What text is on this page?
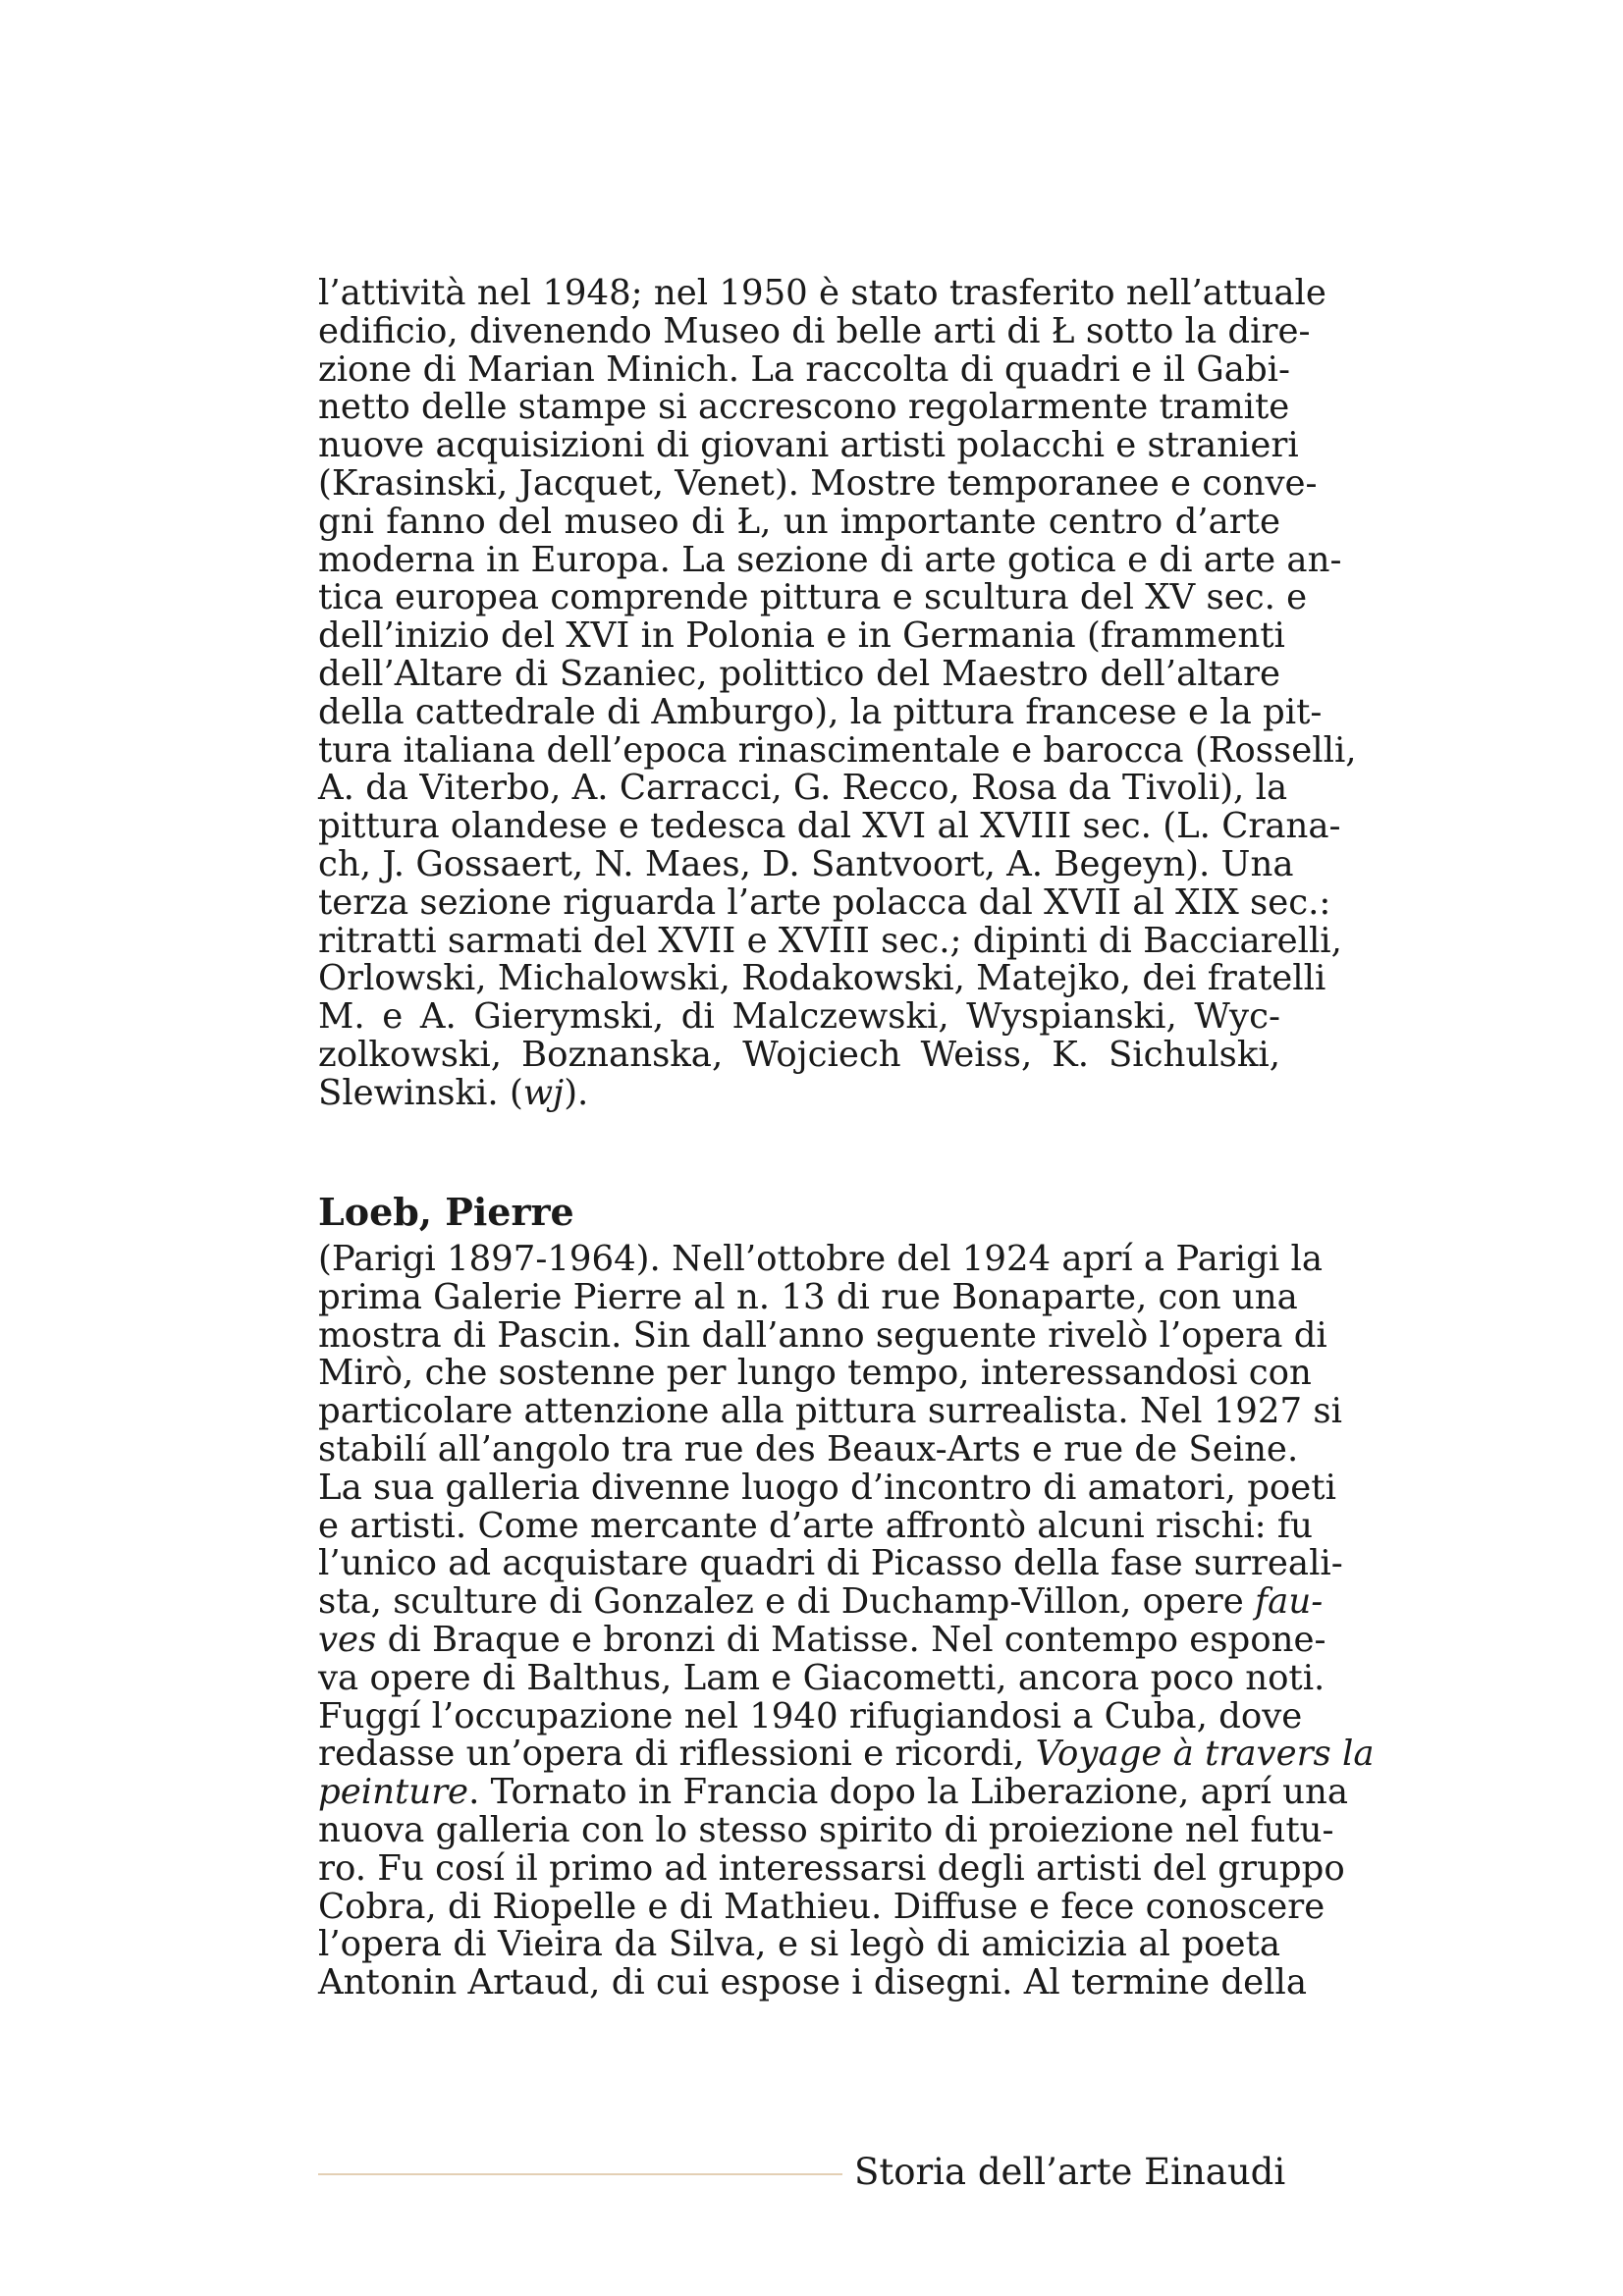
l’attività nel 1948; nel 1950 è stato trasferito nell’attuale
edificio, divenendo Museo di belle arti di Ł sotto la dire-
zione di Marian Minich. La raccolta di quadri e il Gabi-
netto delle stampe si accrescono regolarmente tramite
nuove acquisizioni di giovani artisti polacchi e stranieri
(Krasinski, Jacquet, Venet). Mostre temporanee e conve-
gni fanno del museo di Ł, un importante centro d’arte
moderna in Europa. La sezione di arte gotica e di arte an-
tica europea comprende pittura e scultura del XV sec. e
dell’inizio del XVI in Polonia e in Germania (frammenti
dell’Altare di Szaniec, polittico del Maestro dell’altare
della cattedrale di Amburgo), la pittura francese e la pit-
tura italiana dell’epoca rinascimentale e barocca (Rosselli,
A. da Viterbo, A. Carracci, G. Recco, Rosa da Tivoli), la
pittura olandese e tedesca dal XVI al XVIII sec. (L. Crana-
ch, J. Gossaert, N. Maes, D. Santvoort, A. Begeyn). Una
terza sezione riguarda l’arte polacca dal XVII al XIX sec.:
ritratti sarmati del XVII e XVIII sec.; dipinti di Bacciarelli,
Orlowski, Michalowski, Rodakowski, Matejko, dei fratelli
M. e A. Gierymski, di Malczewski, Wyspianski, Wyc-
zolkowski, Boznanska, Wojciech Weiss, K. Sichulski,
Slewinski. (wj).
Loeb, Pierre
(Parigi 1897-1964). Nell’ottobre del 1924 aprí a Parigi la
prima Galerie Pierre al n. 13 di rue Bonaparte, con una
mostra di Pascin. Sin dall’anno seguente rivelò l’opera di
Mirò, che sostenne per lungo tempo, interessandosi con
particolare attenzione alla pittura surrealista. Nel 1927 si
stabilí all’angolo tra rue des Beaux-Arts e rue de Seine.
La sua galleria divenne luogo d’incontro di amatori, poeti
e artisti. Come mercante d’arte affrontò alcuni rischi: fu
l’unico ad acquistare quadri di Picasso della fase surreali-
sta, sculture di Gonzalez e di Duchamp-Villon, opere fau-
ves di Braque e bronzi di Matisse. Nel contempo espone-
va opere di Balthus, Lam e Giacometti, ancora poco noti.
Fuggí l’occupazione nel 1940 rifugiandosi a Cuba, dove
redasse un’opera di riflessioni e ricordi, Voyage à travers la
peinture. Tornato in Francia dopo la Liberazione, aprí una
nuova galleria con lo stesso spirito di proiezione nel futu-
ro. Fu cosí il primo ad interessarsi degli artisti del gruppo
Cobra, di Riopelle e di Mathieu. Diffuse e fece conoscere
l’opera di Vieira da Silva, e si legò di amicizia al poeta
Antonin Artaud, di cui espose i disegni. Al termine della
Storia dell’arte Einaudi
